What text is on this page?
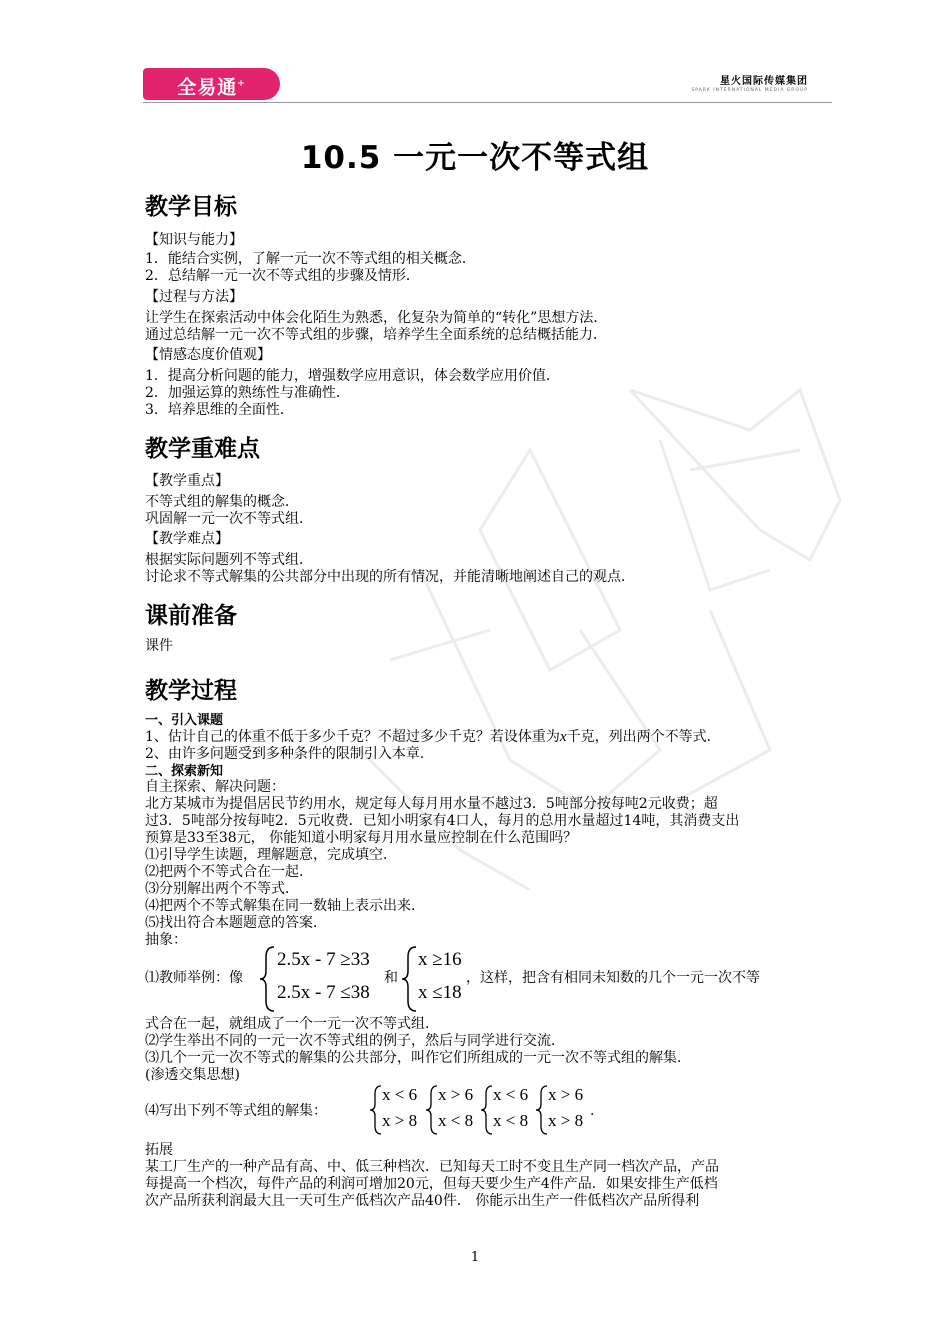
全易通+	星火国际传媒集团
SPARK INTERNATIONAL MEDIA GROUP
10.5 一元一次不等式组
教学目标
【知识与能力】
1．能结合实例，了解一元一次不等式组的相关概念．
2．总结解一元一次不等式组的步骤及情形．
【过程与方法】
让学生在探索活动中体会化陌生为熟悉，化复杂为简单的“转化”思想方法．
通过总结解一元一次不等式组的步骤，培养学生全面系统的总结概括能力．
【情感态度价值观】
1．提高分析问题的能力，增强数学应用意识，体会数学应用价值．
2．加强运算的熟练性与准确性．
3．培养思维的全面性．
教学重难点
【教学重点】
不等式组的解集的概念．
巩固解一元一次不等式组．
【教学难点】
根据实际问题列不等式组．
讨论求不等式解集的公共部分中出现的所有情况，并能清晰地阐述自己的观点．
课前准备
课件
教学过程
一、引入课题
1、估计自己的体重不低于多少千克？不超过多少千克？若设体重为x千克，列出两个不等式．
2、由许多问题受到多种条件的限制引入本章．
二、探索新知
自主探索、解决问题：
北方某城市为提倡居民节约用水，规定每人每月用水量不越过3．5吨部分按每吨2元收费；超
过3．5吨部分按每吨2．5元收费．已知小明家有4口人，每月的总用水量超过14吨，其消费支出
预算是33至38元， 你能知道小明家每月用水量应控制在什么范围吗？
⑴引导学生读题，理解题意，完成填空．
⑵把两个不等式合在一起．
⑶分别解出两个不等式．
⑷把两个不等式解集在同一数轴上表示出来．
⑸找出符合本题题意的答案．
抽象：
⑴教师举例：像
2.5x - 7 ≥33
2.5x - 7 ≤38
和
x ≥16
x ≤18
，这样，把含有相同未知数的几个一元一次不等
式合在一起，就组成了一个一元一次不等式组．
⑵学生举出不同的一元一次不等式组的例子，然后与同学进行交流．
⑶几个一元一次不等式的解集的公共部分，叫作它们所组成的一元一次不等式组的解集．
(渗透交集思想)
⑷写出下列不等式组的解集：
x < 6
x > 8
x > 6
x < 8
x < 6
x < 8
x > 6
x > 8 .
拓展
某工厂生产的一种产品有高、中、低三种档次．已知每天工时不变且生产同一档次产品，产品
每提高一个档次，每件产品的利润可增加20元，但每天要少生产4件产品．如果安排生产低档
次产品所获利润最大且一天可生产低档次产品40件． 你能示出生产一件低档次产品所得利
1
